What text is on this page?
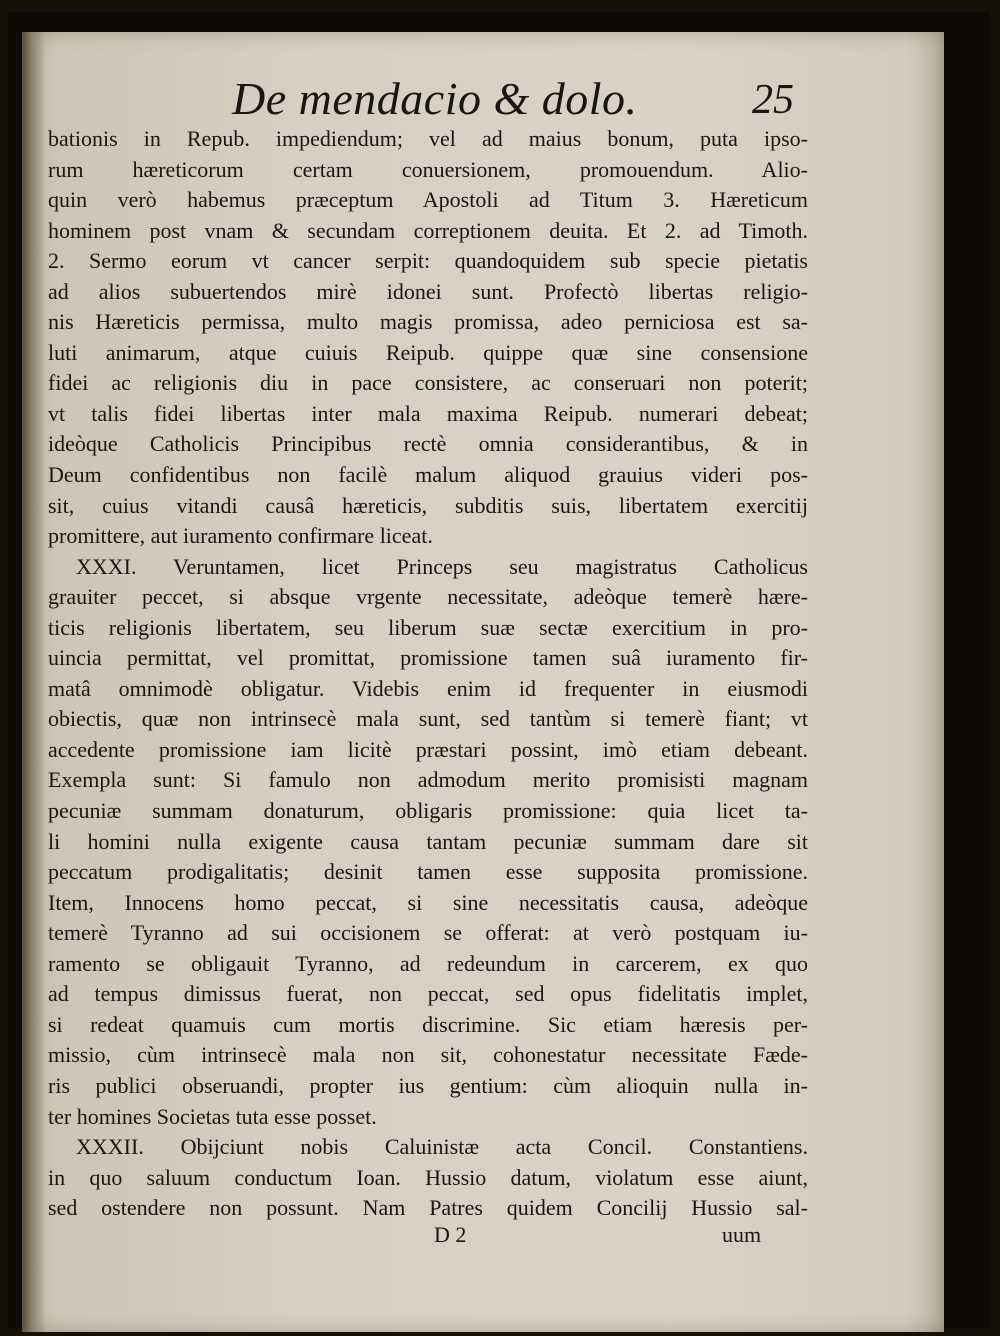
De mendacio & dolo.	25
bationis in Repub. impediendum; vel ad maius bonum, puta ipso-
rum hæreticorum certam conuersionem, promouendum. Alio-
quin verò habemus præceptum Apostoli ad Titum 3. Hæreticum
hominem post vnam & secundam correptionem deuita. Et 2. ad Timoth.
2. Sermo eorum vt cancer serpit: quandoquidem sub specie pietatis
ad alios subuertendos mirè idonei sunt. Profectò libertas religio-
nis Hæreticis permissa, multo magis promissa, adeo perniciosa est sa-
luti animarum, atque cuiuis Reipub. quippe quæ sine consensione
fidei ac religionis diu in pace consistere, ac conseruari non poterit;
vt talis fidei libertas inter mala maxima Reipub. numerari debeat;
ideòque Catholicis Principibus rectè omnia considerantibus, & in
Deum confidentibus non facilè malum aliquod grauius videri pos-
sit, cuius vitandi causâ hæreticis, subditis suis, libertatem exercitij
promittere, aut iuramento confirmare liceat.
XXXI. Veruntamen, licet Princeps seu magistratus Catholicus
grauiter peccet, si absque vrgente necessitate, adeòque temerè hære-
ticis religionis libertatem, seu liberum suæ sectæ exercitium in pro-
uincia permittat, vel promittat, promissione tamen suâ iuramento fir-
matâ omnimodè obligatur. Videbis enim id frequenter in eiusmodi
obiectis, quæ non intrinsecè mala sunt, sed tantùm si temerè fiant; vt
accedente promissione iam licitè præstari possint, imò etiam debeant.
Exempla sunt: Si famulo non admodum merito promisisti magnam
pecuniæ summam donaturum, obligaris promissione: quia licet ta-
li homini nulla exigente causa tantam pecuniæ summam dare sit
peccatum prodigalitatis; desinit tamen esse supposita promissione.
Item, Innocens homo peccat, si sine necessitatis causa, adeòque
temerè Tyranno ad sui occisionem se offerat: at verò postquam iu-
ramento se obligauit Tyranno, ad redeundum in carcerem, ex quo
ad tempus dimissus fuerat, non peccat, sed opus fidelitatis implet,
si redeat quamuis cum mortis discrimine. Sic etiam hæresis per-
missio, cùm intrinsecè mala non sit, cohonestatur necessitate Fæde-
ris publici obseruandi, propter ius gentium: cùm alioquin nulla in-
ter homines Societas tuta esse posset.
XXXII. Obijciunt nobis Caluinistæ acta Concil. Constantiens.
in quo saluum conductum Ioan. Hussio datum, violatum esse aiunt,
sed ostendere non possunt. Nam Patres quidem Concilij Hussio sal-
D 2	uum
